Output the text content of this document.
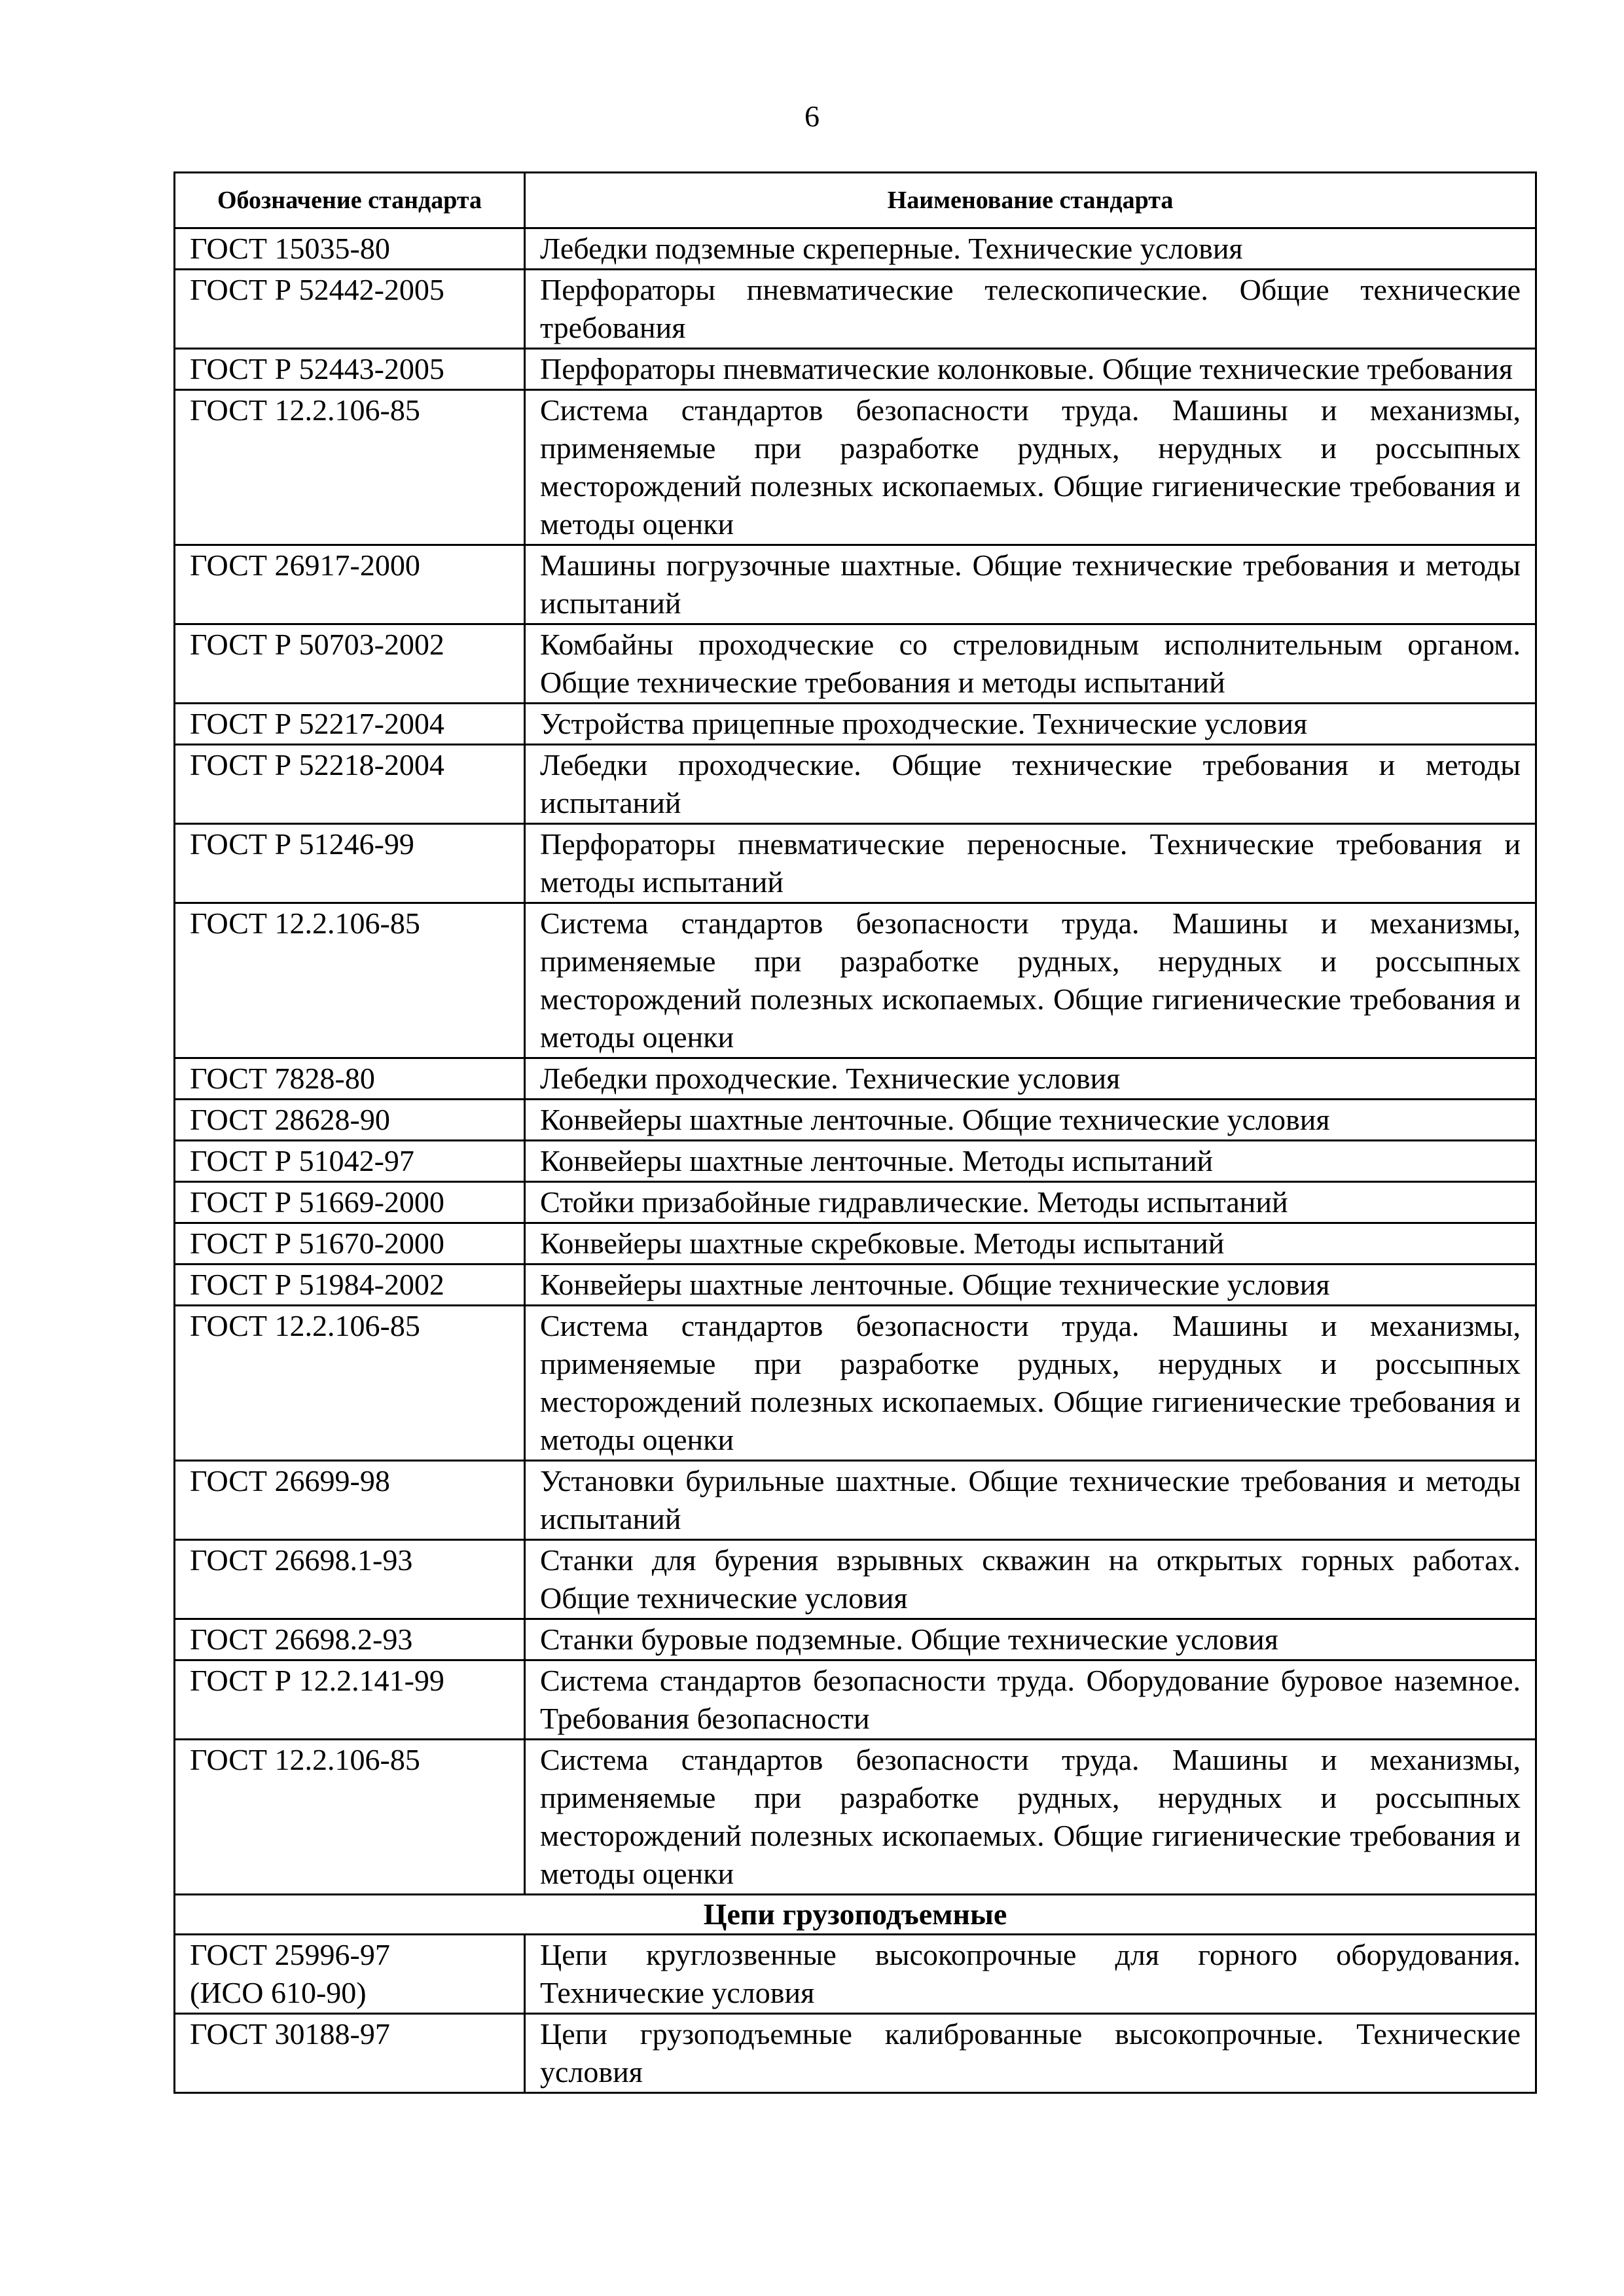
6
Обозначение стандарта	Наименование стандарта
ГОСТ 15035-80	Лебедки подземные скреперные. Технические условия
ГОСТ Р 52442-2005	Перфораторы пневматические телескопические. Общие технические требования
ГОСТ Р 52443-2005	Перфораторы пневматические колонковые. Общие технические требования
ГОСТ 12.2.106-85	Система стандартов безопасности труда. Машины и механизмы, применяемые при разработке рудных, нерудных и россыпных месторождений полезных ископаемых. Общие гигиенические требования и методы оценки
ГОСТ 26917-2000	Машины погрузочные шахтные. Общие технические требования и методы испытаний
ГОСТ Р 50703-2002	Комбайны проходческие со стреловидным исполнительным органом. Общие технические требования и методы испытаний
ГОСТ Р 52217-2004	Устройства прицепные проходческие. Технические условия
ГОСТ Р 52218-2004	Лебедки проходческие. Общие технические требования и методы испытаний
ГОСТ Р 51246-99	Перфораторы пневматические переносные. Технические требования и методы испытаний
ГОСТ 12.2.106-85	Система стандартов безопасности труда. Машины и механизмы, применяемые при разработке рудных, нерудных и россыпных месторождений полезных ископаемых. Общие гигиенические требования и методы оценки
ГОСТ 7828-80	Лебедки проходческие. Технические условия
ГОСТ 28628-90	Конвейеры шахтные ленточные. Общие технические условия
ГОСТ Р 51042-97	Конвейеры шахтные ленточные. Методы испытаний
ГОСТ Р 51669-2000	Стойки призабойные гидравлические. Методы испытаний
ГОСТ Р 51670-2000	Конвейеры шахтные скребковые. Методы испытаний
ГОСТ Р 51984-2002	Конвейеры шахтные ленточные. Общие технические условия
ГОСТ 12.2.106-85	Система стандартов безопасности труда. Машины и механизмы, применяемые при разработке рудных, нерудных и россыпных месторождений полезных ископаемых. Общие гигиенические требования и методы оценки
ГОСТ 26699-98	Установки бурильные шахтные. Общие технические требования и методы испытаний
ГОСТ 26698.1-93	Станки для бурения взрывных скважин на открытых горных работах. Общие технические условия
ГОСТ 26698.2-93	Станки буровые подземные. Общие технические условия
ГОСТ Р 12.2.141-99	Система стандартов безопасности труда. Оборудование буровое наземное. Требования безопасности
ГОСТ 12.2.106-85	Система стандартов безопасности труда. Машины и механизмы, применяемые при разработке рудных, нерудных и россыпных месторождений полезных ископаемых. Общие гигиенические требования и методы оценки
Цепи грузоподъемные	
ГОСТ 25996-97
(ИСО 610-90)	Цепи круглозвенные высокопрочные для горного оборудования. Технические условия
ГОСТ 30188-97	Цепи грузоподъемные калиброванные высокопрочные. Технические условия
